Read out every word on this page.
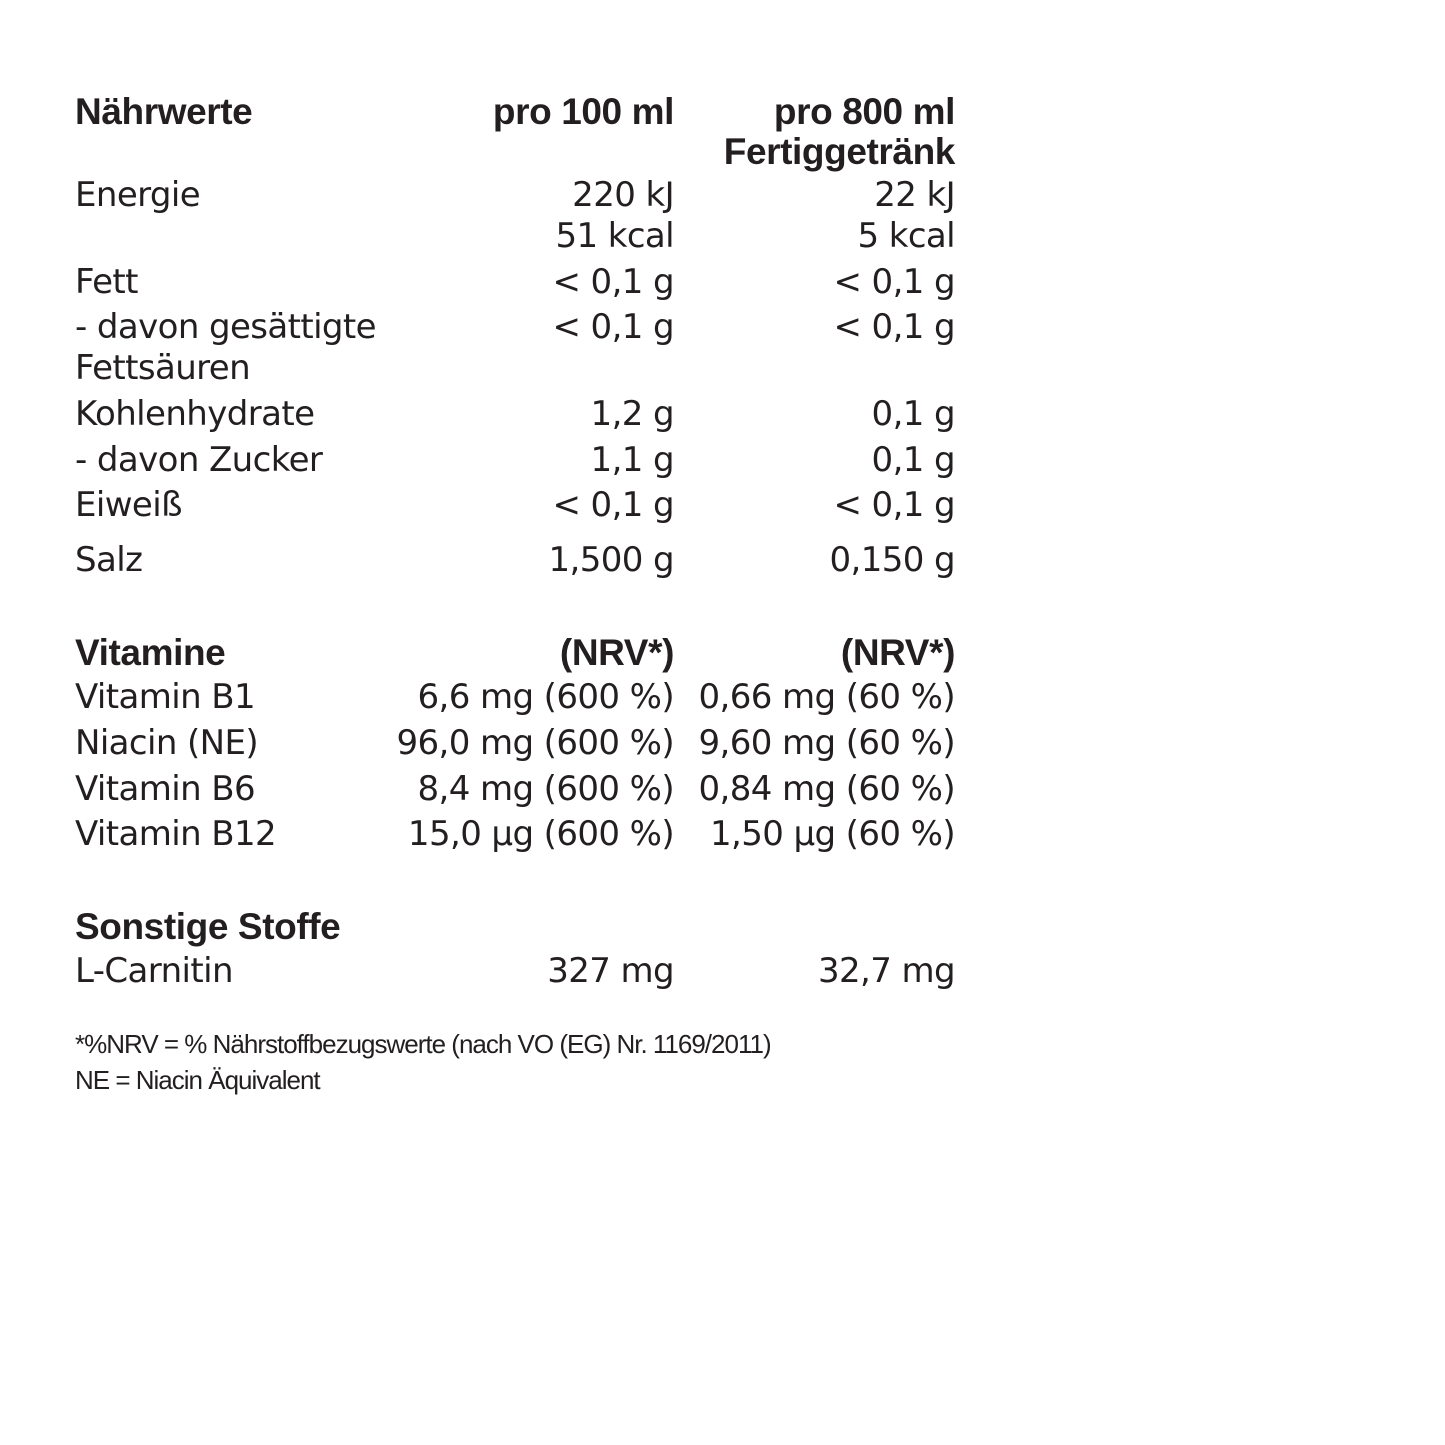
Nährwerte	pro 100 ml	pro 800 ml
Fertiggetränk
Energie	220 kJ	22 kJ
51 kcal	5 kcal
Fett	< 0,1 g	< 0,1 g
- davon gesättigte
Fettsäuren
< 0,1 g	< 0,1 g
Kohlenhydrate	1,2 g	0,1 g
- davon Zucker	1,1 g	0,1 g
Eiweiß	< 0,1 g	< 0,1 g
Salz	1,500 g	0,150 g
Vitamine	(NRV*)	(NRV*)
Vitamin B1	6,6 mg (600 %) 0,66 mg (60 %)
Niacin (NE)	96,0 mg (600 %) 9,60 mg (60 %)
Vitamin B6	8,4 mg (600 %) 0,84 mg (60 %)
Vitamin B12	15,0 µg (600 %) 1,50 µg (60 %)
Sonstige Stoffe
L-Carnitin	327 mg	32,7 mg
*%NRV = % Nährstoffbezugswerte (nach VO (EG) Nr. 1169/2011)
NE = Niacin Äquivalent
